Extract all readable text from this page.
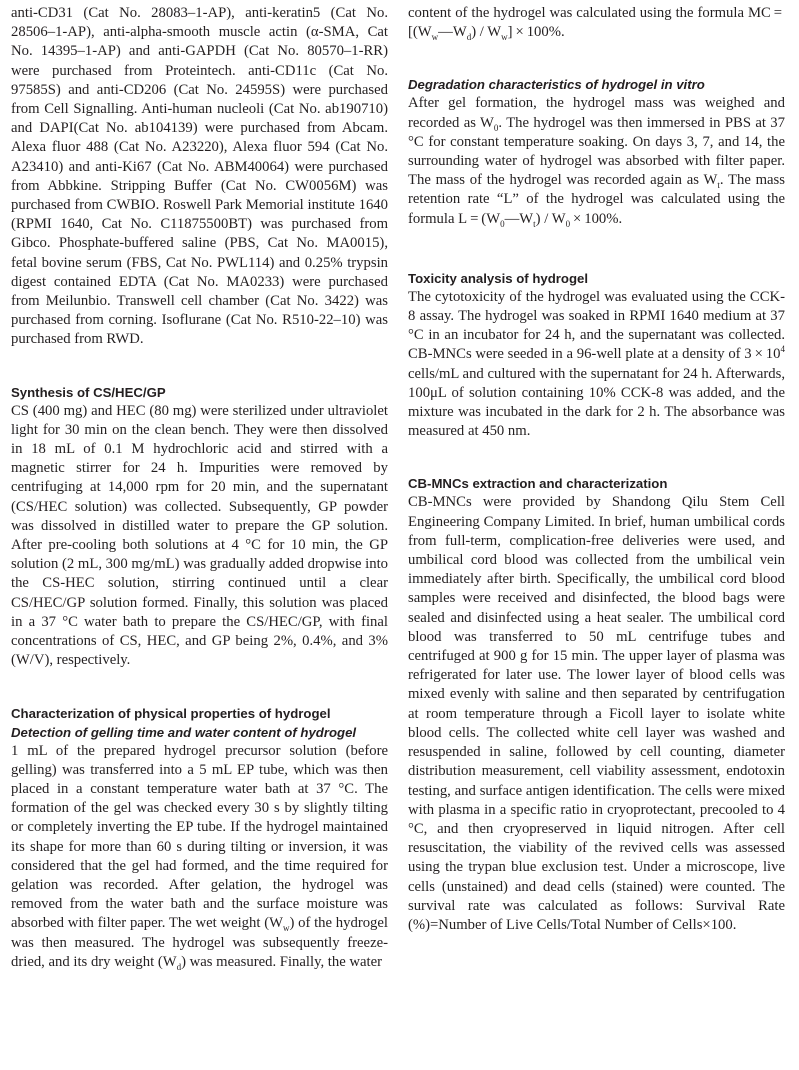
anti-CD31 (Cat No. 28083–1-AP), anti-keratin5 (Cat No. 28506–1-AP), anti-alpha-smooth muscle actin (α-SMA, Cat No. 14395–1-AP) and anti-GAPDH (Cat No. 80570–1-RR) were purchased from Proteintech. anti-CD11c (Cat No. 97585S) and anti-CD206 (Cat No. 24595S) were purchased from Cell Signalling. Anti-human nucleoli (Cat No. ab190710) and DAPI(Cat No. ab104139) were purchased from Abcam. Alexa fluor 488 (Cat No. A23220), Alexa fluor 594 (Cat No. A23410) and anti-Ki67 (Cat No. ABM40064) were purchased from Abbkine. Stripping Buffer (Cat No. CW0056M) was purchased from CWBIO. Roswell Park Memorial institute 1640 (RPMI 1640, Cat No. C11875500BT) was purchased from Gibco. Phosphate-buffered saline (PBS, Cat No. MA0015), fetal bovine serum (FBS, Cat No. PWL114) and 0.25% trypsin digest contained EDTA (Cat No. MA0233) were purchased from Meilunbio. Transwell cell chamber (Cat No. 3422) was purchased from corning. Isoflurane (Cat No. R510-22–10) was purchased from RWD.

Synthesis of CS/HEC/GP

CS (400 mg) and HEC (80 mg) were sterilized under ultraviolet light for 30 min on the clean bench. They were then dissolved in 18 mL of 0.1 M hydrochloric acid and stirred with a magnetic stirrer for 24 h. Impurities were removed by centrifuging at 14,000 rpm for 20 min, and the supernatant (CS/HEC solution) was collected. Subsequently, GP powder was dissolved in distilled water to prepare the GP solution. After pre-cooling both solutions at 4 °C for 10 min, the GP solution (2 mL, 300 mg/mL) was gradually added dropwise into the CS-HEC solution, stirring continued until a clear CS/HEC/GP solution formed. Finally, this solution was placed in a 37 °C water bath to prepare the CS/HEC/GP, with final concentrations of CS, HEC, and GP being 2%, 0.4%, and 3% (W/V), respectively.

Characterization of physical properties of hydrogel
Detection of gelling time and water content of hydrogel

1 mL of the prepared hydrogel precursor solution (before gelling) was transferred into a 5 mL EP tube, which was then placed in a constant temperature water bath at 37 °C. The formation of the gel was checked every 30 s by slightly tilting or completely inverting the EP tube. If the hydrogel maintained its shape for more than 60 s during tilting or inversion, it was considered that the gel had formed, and the time required for gelation was recorded. After gelation, the hydrogel was removed from the water bath and the surface moisture was absorbed with filter paper. The wet weight $(W_w)$ of the hydrogel was then measured. The hydrogel was subsequently freeze-dried, and its dry weight $(W_d)$ was measured. Finally, the water

content of the hydrogel was calculated using the formula MC = $[(W_w—W_d) / W_w] \times 100\%$.

Degradation characteristics of hydrogel in vitro

After gel formation, the hydrogel mass was weighed and recorded as $W_0$. The hydrogel was then immersed in PBS at 37 °C for constant temperature soaking. On days 3, 7, and 14, the surrounding water of hydrogel was absorbed with filter paper. The mass of the hydrogel was recorded again as $W_t$. The mass retention rate “L” of the hydrogel was calculated using the formula $L = (W_0—W_t) / W_0 \times 100\%$.

Toxicity analysis of hydrogel

The cytotoxicity of the hydrogel was evaluated using the CCK-8 assay. The hydrogel was soaked in RPMI 1640 medium at 37 °C in an incubator for 24 h, and the supernatant was collected. CB-MNCs were seeded in a 96-well plate at a density of $3 \times 10^4$ cells/mL and cultured with the supernatant for 24 h. Afterwards, 100μL of solution containing 10% CCK-8 was added, and the mixture was incubated in the dark for 2 h. The absorbance was measured at 450 nm.

CB-MNCs extraction and characterization

CB-MNCs were provided by Shandong Qilu Stem Cell Engineering Company Limited. In brief, human umbilical cords from full-term, complication-free deliveries were used, and umbilical cord blood was collected from the umbilical vein immediately after birth. Specifically, the umbilical cord blood samples were received and disinfected, the blood bags were sealed and disinfected using a heat sealer. The umbilical cord blood was transferred to 50 mL centrifuge tubes and centrifuged at 900 g for 15 min. The upper layer of plasma was refrigerated for later use. The lower layer of blood cells was mixed evenly with saline and then separated by centrifugation at room temperature through a Ficoll layer to isolate white blood cells. The collected white cell layer was washed and resuspended in saline, followed by cell counting, diameter distribution measurement, cell viability assessment, endotoxin testing, and surface antigen identification. The cells were mixed with plasma in a specific ratio in cryoprotectant, precooled to 4 °C, and then cryopreserved in liquid nitrogen. After cell resuscitation, the viability of the revived cells was assessed using the trypan blue exclusion test. Under a microscope, live cells (unstained) and dead cells (stained) were counted. The survival rate was calculated as follows: Survival Rate (%)=Number of Live Cells/Total Number of Cells×100.
